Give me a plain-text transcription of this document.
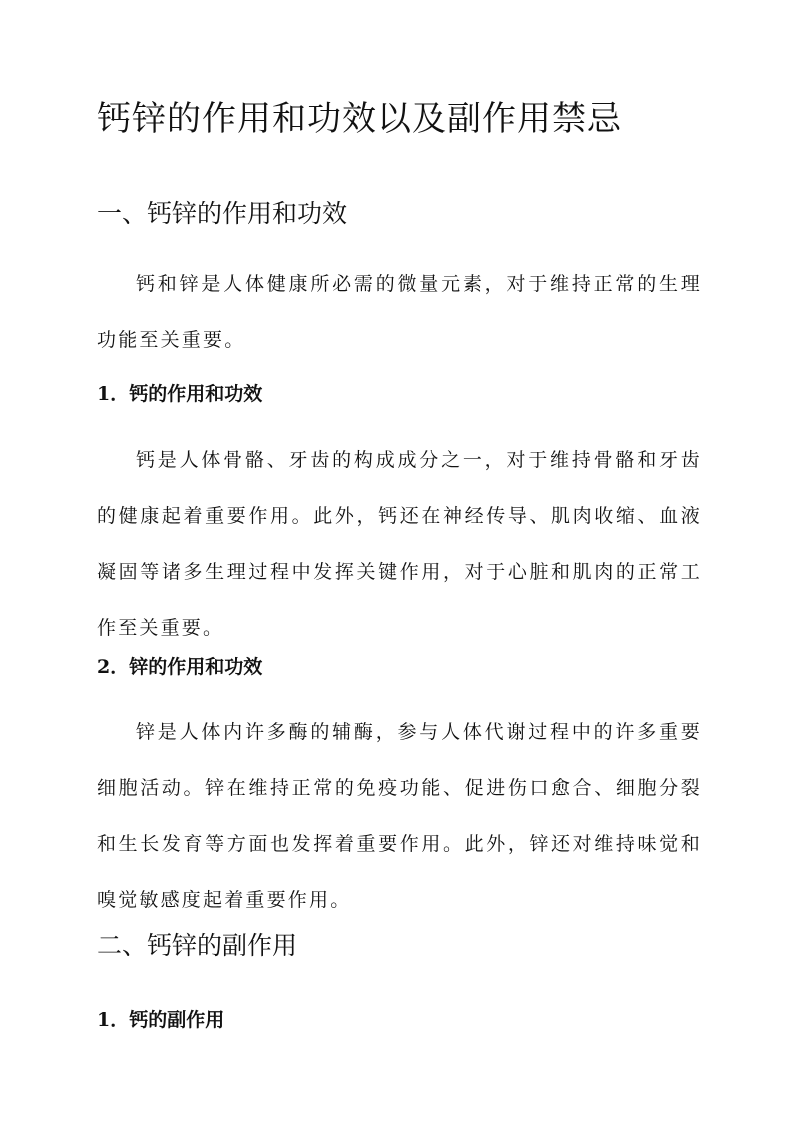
钙锌的作用和功效以及副作用禁忌
一、钙锌的作用和功效

钙和锌是人体健康所必需的微量元素，对于维持正常的生理功能至关重要。

1．钙的作用和功效

钙是人体骨骼、牙齿的构成成分之一，对于维持骨骼和牙齿的健康起着重要作用。此外，钙还在神经传导、肌肉收缩、血液凝固等诸多生理过程中发挥关键作用，对于心脏和肌肉的正常工作至关重要。

2．锌的作用和功效

锌是人体内许多酶的辅酶，参与人体代谢过程中的许多重要细胞活动。锌在维持正常的免疫功能、促进伤口愈合、细胞分裂和生长发育等方面也发挥着重要作用。此外，锌还对维持味觉和嗅觉敏感度起着重要作用。

二、钙锌的副作用
1．钙的副作用
